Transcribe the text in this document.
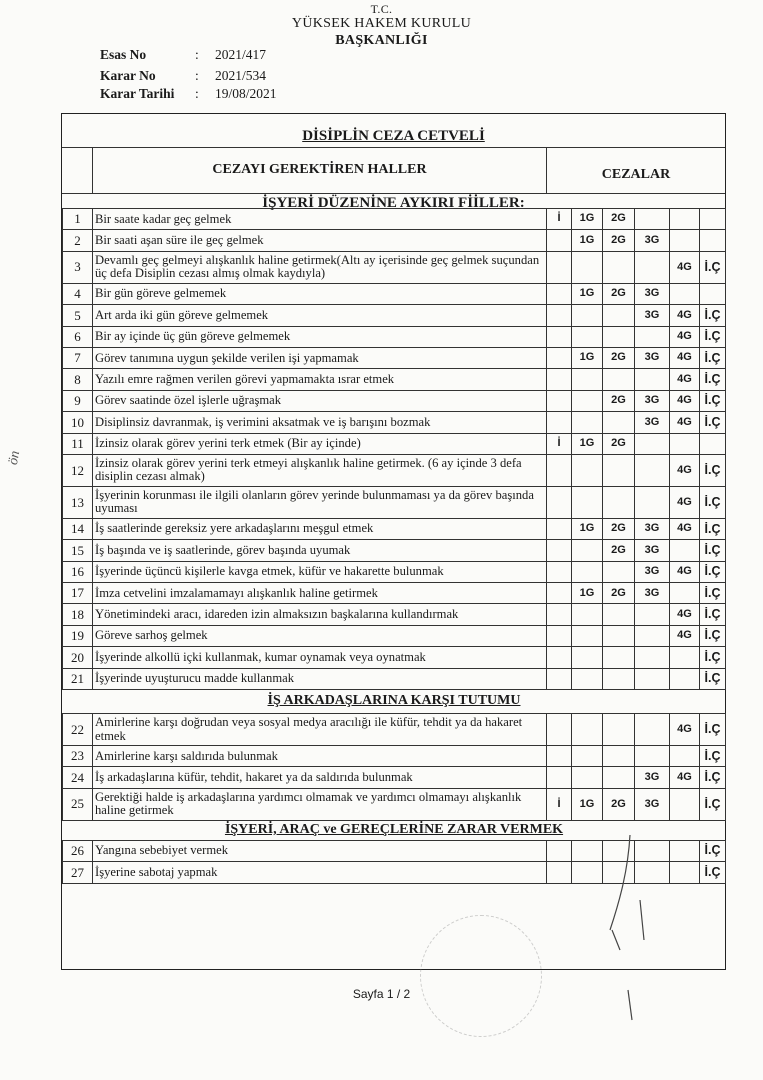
T.C.
YÜKSEK HAKEM KURULU
BAŞKANLIĞI
Esas No	: 2021/417
Karar No	: 2021/534
Karar Tarihi : 19/08/2021
DİSİPLİN CEZA CETVELİ
CEZAYI GEREKTİREN HALLER	CEZALAR
İŞYERİ DÜZENİNE AYKIRI FİİLLER:
1	Bir saate kadar geç gelmek	İ	1G	2G			
2	Bir saati aşan süre ile geç gelmek		1G	2G	3G		
3	Devamlı geç gelmeyi alışkanlık haline getirmek(Altı ay içerisinde geç gelmek suçundan üç defa Disiplin cezası almış olmak kaydıyla)					4G	İ.Ç
4	Bir gün göreve gelmemek		1G	2G	3G		
5	Art arda iki gün göreve gelmemek				3G	4G	İ.Ç
6	Bir ay içinde üç gün göreve gelmemek					4G	İ.Ç
7	Görev tanımına uygun şekilde verilen işi yapmamak		1G	2G	3G	4G	İ.Ç
8	Yazılı emre rağmen verilen görevi yapmamakta ısrar etmek					4G	İ.Ç
9	Görev saatinde özel işlerle uğraşmak			2G	3G	4G	İ.Ç
10	Disiplinsiz davranmak, iş verimini aksatmak ve iş barışını bozmak				3G	4G	İ.Ç
11	İzinsiz olarak görev yerini terk etmek (Bir ay içinde)	İ	1G	2G			
12	İzinsiz olarak görev yerini terk etmeyi alışkanlık haline getirmek. (6 ay içinde 3 defa disiplin cezası almak)					4G	İ.Ç
13	İşyerinin korunması ile ilgili olanların görev yerinde bulunmaması ya da görev başında uyuması					4G	İ.Ç
14	İş saatlerinde gereksiz yere arkadaşlarını meşgul etmek		1G	2G	3G	4G	İ.Ç
15	İş başında ve iş saatlerinde, görev başında uyumak			2G	3G		İ.Ç
16	İşyerinde üçüncü kişilerle kavga etmek, küfür ve hakarette bulunmak				3G	4G	İ.Ç
17	İmza cetvelini imzalamamayı alışkanlık haline getirmek		1G	2G	3G		İ.Ç
18	Yönetimindeki aracı, idareden izin almaksızın başkalarına kullandırmak					4G	İ.Ç
19	Göreve sarhoş gelmek					4G	İ.Ç
20	İşyerinde alkollü içki kullanmak, kumar oynamak veya oynatmak						İ.Ç
21	İşyerinde uyuşturucu madde kullanmak						İ.Ç
İŞ ARKADAŞLARINA KARŞI TUTUMU							
22	Amirlerine karşı doğrudan veya sosyal medya aracılığı ile küfür, tehdit ya da hakaret etmek					4G	İ.Ç
23	Amirlerine karşı saldırıda bulunmak						İ.Ç
24	İş arkadaşlarına küfür, tehdit, hakaret ya da saldırıda bulunmak				3G	4G	İ.Ç
25	Gerektiği halde iş arkadaşlarına yardımcı olmamak ve yardımcı olmamayı alışkanlık haline getirmek	İ	1G	2G	3G		İ.Ç
İŞYERİ, ARAÇ ve GEREÇLERİNE ZARAR VERMEK							
26	Yangına sebebiyet vermek						İ.Ç
27	İşyerine sabotaj yapmak						İ.Ç
ön
Sayfa 1 / 2
